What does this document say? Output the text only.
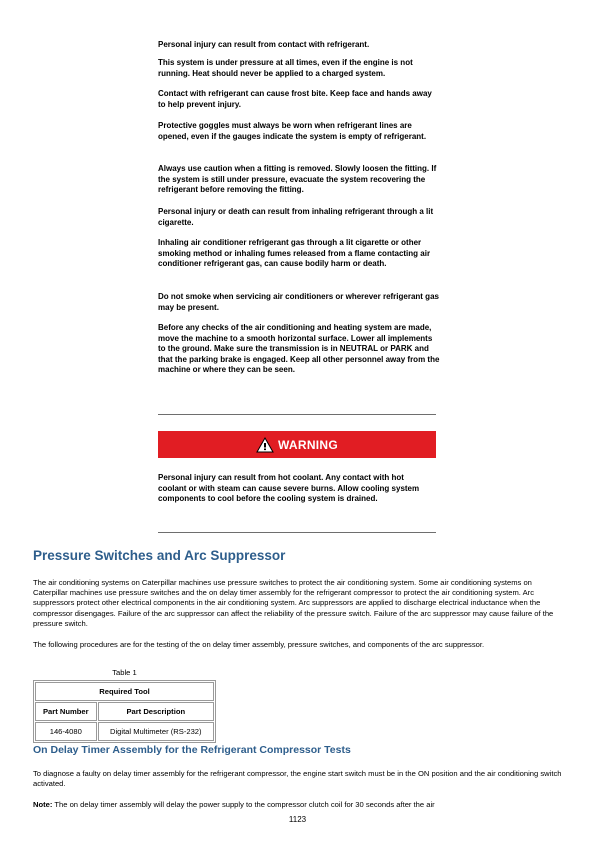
Personal injury can result from contact with refrigerant.

This system is under pressure at all times, even if the engine is not running. Heat should never be applied to a charged system.

Contact with refrigerant can cause frost bite. Keep face and hands away to help prevent injury.

Protective goggles must always be worn when refrigerant lines are opened, even if the gauges indicate the system is empty of refrigerant.

Always use caution when a fitting is removed. Slowly loosen the fitting. If the system is still under pressure, evacuate the system recovering the refrigerant before removing the fitting.

Personal injury or death can result from inhaling refrigerant through a lit cigarette.

Inhaling air conditioner refrigerant gas through a lit cigarette or other smoking method or inhaling fumes released from a flame contacting air conditioner refrigerant gas, can cause bodily harm or death.

Do not smoke when servicing air conditioners or wherever refrigerant gas may be present.

Before any checks of the air conditioning and heating system are made, move the machine to a smooth horizontal surface. Lower all implements to the ground. Make sure the transmission is in NEUTRAL or PARK and that the parking brake is engaged. Keep all other personnel away from the machine or where they can be seen.

WARNING

Personal injury can result from hot coolant. Any contact with hot coolant or with steam can cause severe burns. Allow cooling system components to cool before the cooling system is drained.

Pressure Switches and Arc Suppressor

The air conditioning systems on Caterpillar machines use pressure switches to protect the air conditioning system. Some air conditioning systems on Caterpillar machines use pressure switches and the on delay timer assembly for the refrigerant compressor to protect the air conditioning system. Arc suppressors protect other electrical components in the air conditioning system. Arc suppressors are applied to discharge electrical inductance when the compressor disengages. Failure of the arc suppressor can affect the reliability of the pressure switch. Failure of the arc suppressor may cause failure of the pressure switch.

The following procedures are for the testing of the on delay timer assembly, pressure switches, and components of the arc suppressor.

Table 1
Required Tool	
Part Number	Part Description
146-4080	Digital Multimeter (RS-232)
On Delay Timer Assembly for the Refrigerant Compressor Tests

To diagnose a faulty on delay timer assembly for the refrigerant compressor, the engine start switch must be in the ON position and the air conditioning switch activated.

Note: The on delay timer assembly will delay the power supply to the compressor clutch coil for 30 seconds after the air

1123
